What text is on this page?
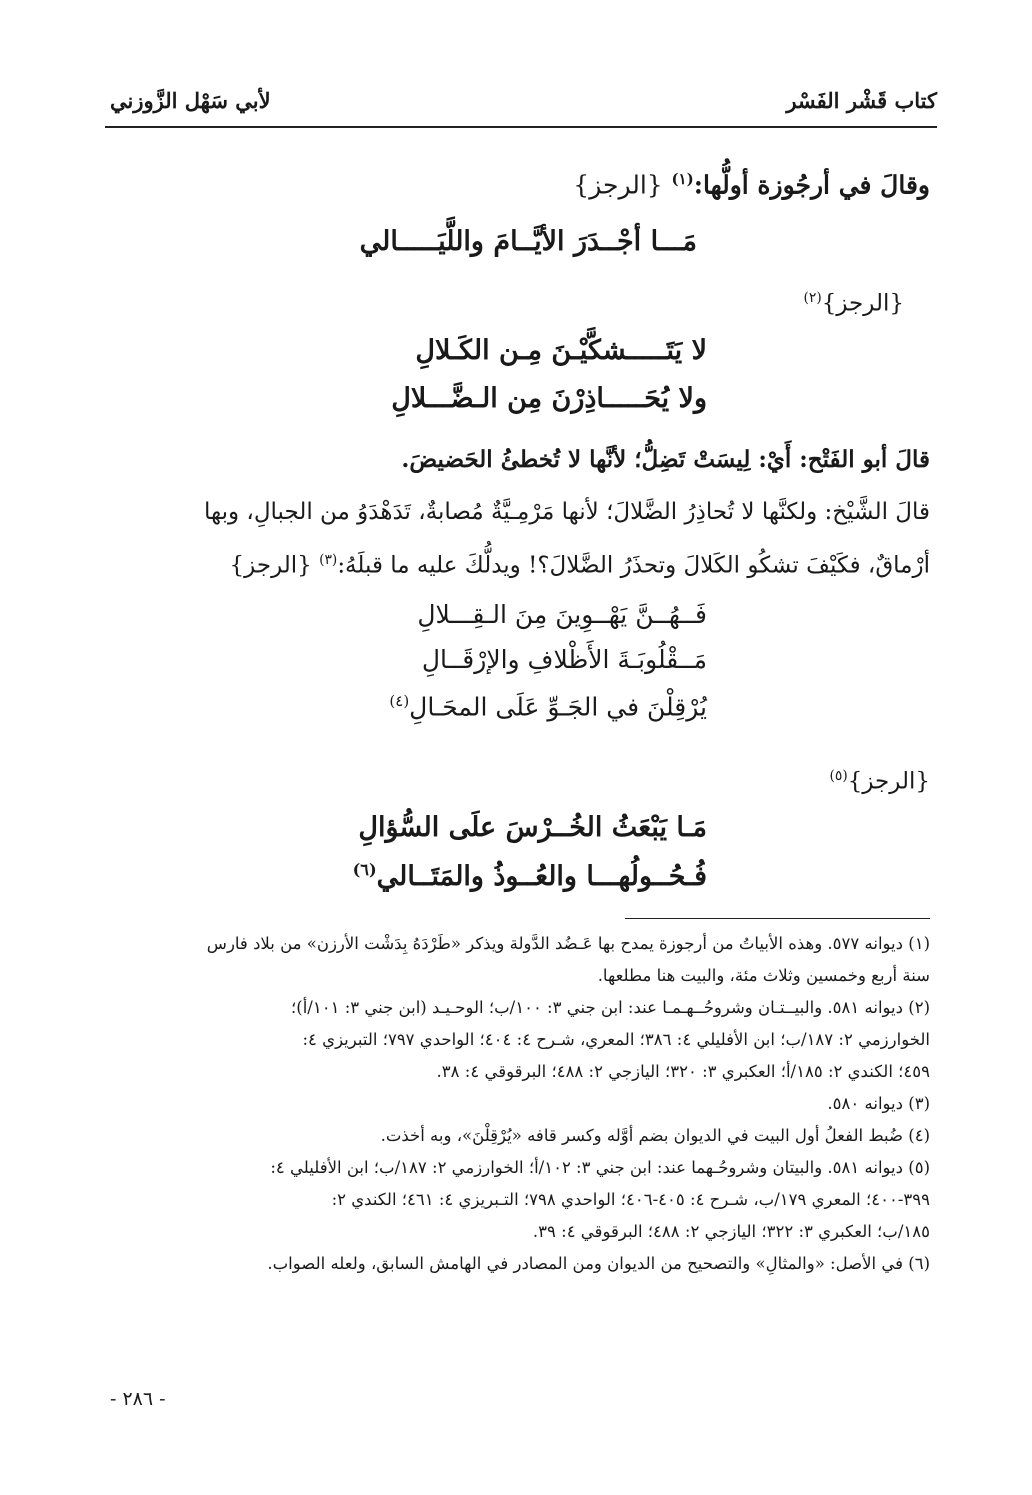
كتاب قَشْر الفَسْر
لأبي سَهْل الزَّوزني
وقالَ في أرجُوزة أولُّها:$^{(١)}$ {الرجز}
مَـــا أجْــدَرَ الأيَّــامَ واللَّيَـــــالي
{الرجز}$^{(٢)}$
لا يَتَـــــشكَّيْـنَ مِـن الكَـلالِ
ولا يُحَـــــاذِرْنَ مِن الـضَّـــلالِ
قالَ أبو الفَتْح: أَيْ: لِيسَتْ تَضِلُّ؛ لأنَّها لا تُخطئُ الحَضيضَ.
قالَ الشَّيْخ: ولكنَّها لا تُحاذِرُ الضَّلالَ؛ لأنها مَرْمِـيَّةٌ مُصابةٌ، تَدَهْدَوُ من الجبالِ، وبها
أرْماقٌ، فكَيْفَ تشكُو الكَلالَ وتحذَرُ الضَّلالَ؟! ويدلُّكَ عليه ما قبلَهُ:$^{(٣)}$ {الرجز}
فَــهُــنَّ يَهْــوِينَ مِنَ الـقِـــلالِ
مَــقْلُوبَـةَ الأَظْلافِ والإرْقَــالِ
يُرْقِلْنَ في الجَـوِّ عَلَى المحَـالِ$^{(٤)}$
{الرجز}$^{(٥)}$
مَـا يَبْعَثُ الخُــرْسَ علَى السُّؤالِ
فُـحُــولُهـــا والعُــوذُ والمَتَــالي$^{(٦)}$
(١) ديوانه ٥٧٧. وهذه الأبياتُ من أرجوزة يمدح بها عَـضُد الدَّولة ويذكر «طَرْدَهُ بِدَشْت الأرزن» من بلاد فارس
سنة أربع وخمسين وثلاث مئة، والبيت هنا مطلعها.
(٢) ديوانه ٥٨١. والبيــتـان وشروحُــهـمـا عند: ابن جني ٣: ١٠٠/ب؛ الوحـيـد (ابن جني ٣: ١٠١/أ)؛
الخوارزمي ٢: ١٨٧/ب؛ ابن الأفليلي ٤: ٣٨٦؛ المعري، شـرح ٤: ٤٠٤؛ الواحدي ٧٩٧؛ التبريزي ٤:
٤٥٩؛ الكندي ٢: ١٨٥/أ؛ العكبري ٣: ٣٢٠؛ اليازجي ٢: ٤٨٨؛ البرقوقي ٤: ٣٨.
(٣) ديوانه ٥٨٠.
(٤) ضُبط الفعلُ أول البيت في الديوان بضم أوَّله وكسر قافه «يُرْقِلْنَ»، وبه أخذت.
(٥) ديوانه ٥٨١. والبيتان وشروحُـهما عند: ابن جني ٣: ١٠٢/أ؛ الخوارزمي ٢: ١٨٧/ب؛ ابن الأفليلي ٤:
٣٩٩-٤٠٠؛ المعري ١٧٩/ب، شـرح ٤: ٤٠٥-٤٠٦؛ الواحدي ٧٩٨؛ التـبريزي ٤: ٤٦١؛ الكندي ٢:
١٨٥/ب؛ العكبري ٣: ٣٢٢؛ اليازجي ٢: ٤٨٨؛ البرقوقي ٤: ٣٩.
(٦) في الأصل: «والمثالِ» والتصحيح من الديوان ومن المصادر في الهامش السابق، ولعله الصواب.
- ٢٨٦ -
